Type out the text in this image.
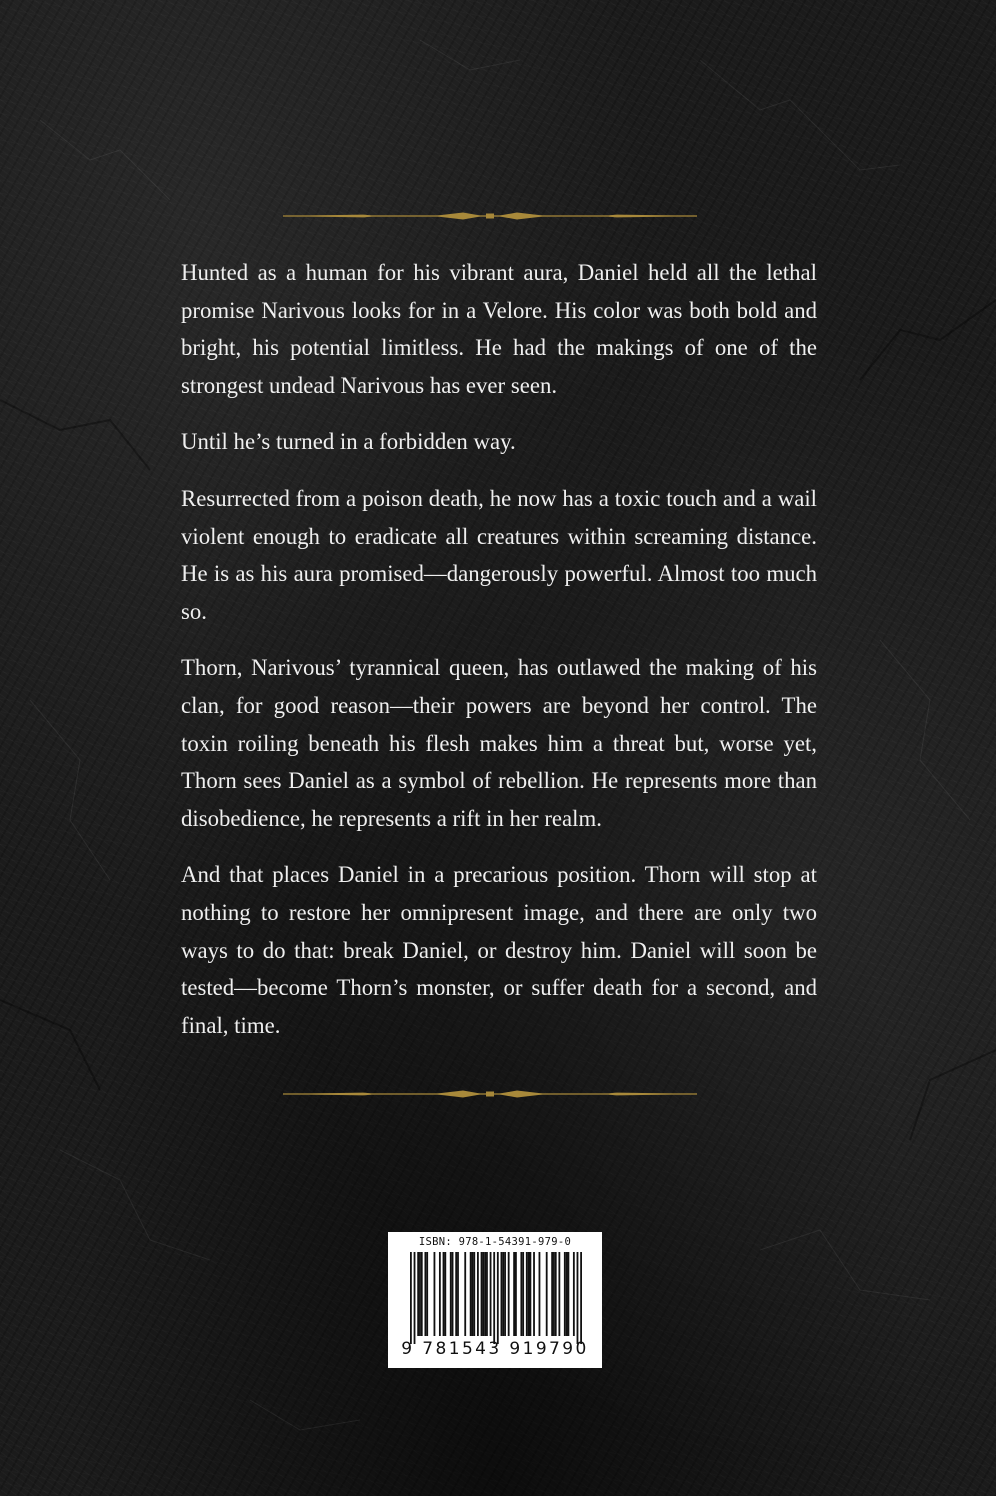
Hunted as a human for his vibrant aura, Daniel held all the lethal promise Narivous looks for in a Velore. His color was both bold and bright, his potential limitless. He had the makings of one of the strongest undead Narivous has ever seen.

Until he’s turned in a forbidden way.

Resurrected from a poison death, he now has a toxic touch and a wail violent enough to eradicate all creatures within screaming distance. He is as his aura promised—dangerously powerful. Almost too much so.

Thorn, Narivous’ tyrannical queen, has outlawed the making of his clan, for good reason—their powers are beyond her control. The toxin roiling beneath his flesh makes him a threat but, worse yet, Thorn sees Daniel as a symbol of rebellion. He represents more than disobedience, he represents a rift in her realm.

And that places Daniel in a precarious position. Thorn will stop at nothing to restore her omnipresent image, and there are only two ways to do that: break Daniel, or destroy him. Daniel will soon be tested—become Thorn’s monster, or suffer death for a second, and final, time.

ISBN: 978-1-54391-979-0
9 781543 919790
